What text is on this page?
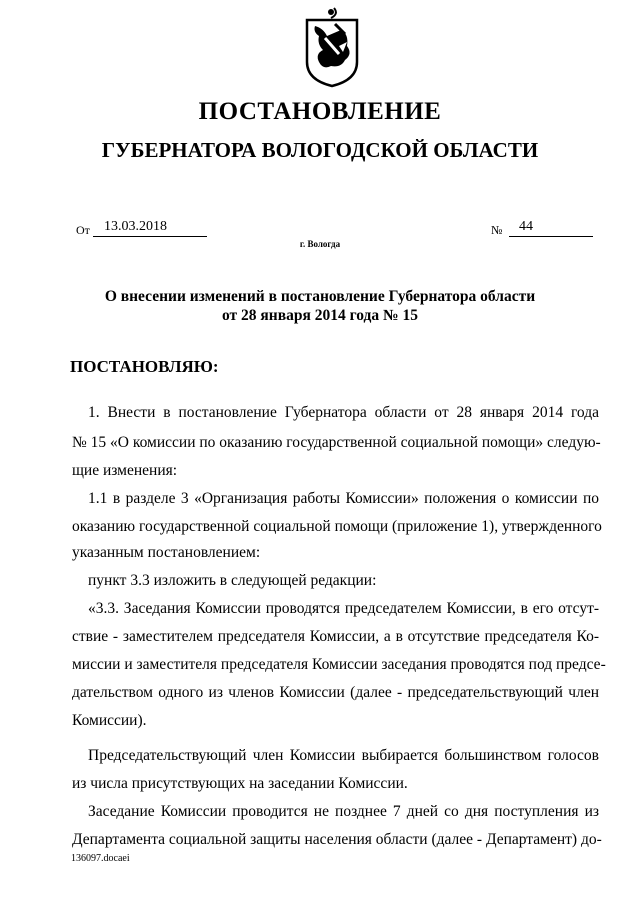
ПОСТАНОВЛЕНИЕ
ГУБЕРНАТОРА ВОЛОГОДСКОЙ ОБЛАСТИ
От 13.03.2018	№ 44
г. Вологда
О внесении изменений в постановление Губернатора области
от 28 января 2014 года № 15
ПОСТАНОВЛЯЮ:
1. Внести в постановление Губернатора области от 28 января 2014 года
№ 15 «О комиссии по оказанию государственной социальной помощи» следую-
щие изменения:
1.1 в разделе 3 «Организация работы Комиссии» положения о комиссии по
оказанию государственной социальной помощи (приложение 1), утвержденного
указанным постановлением:
пункт 3.3 изложить в следующей редакции:
«3.3. Заседания Комиссии проводятся председателем Комиссии, в его отсут-
ствие - заместителем председателя Комиссии, а в отсутствие председателя Ко-
миссии и заместителя председателя Комиссии заседания проводятся под предсе-
дательством одного из членов Комиссии (далее - председательствующий член
Комиссии).
Председательствующий член Комиссии выбирается большинством голосов
из числа присутствующих на заседании Комиссии.
Заседание Комиссии проводится не позднее 7 дней со дня поступления из
Департамента социальной защиты населения области (далее - Департамент) до-
136097.docaei
